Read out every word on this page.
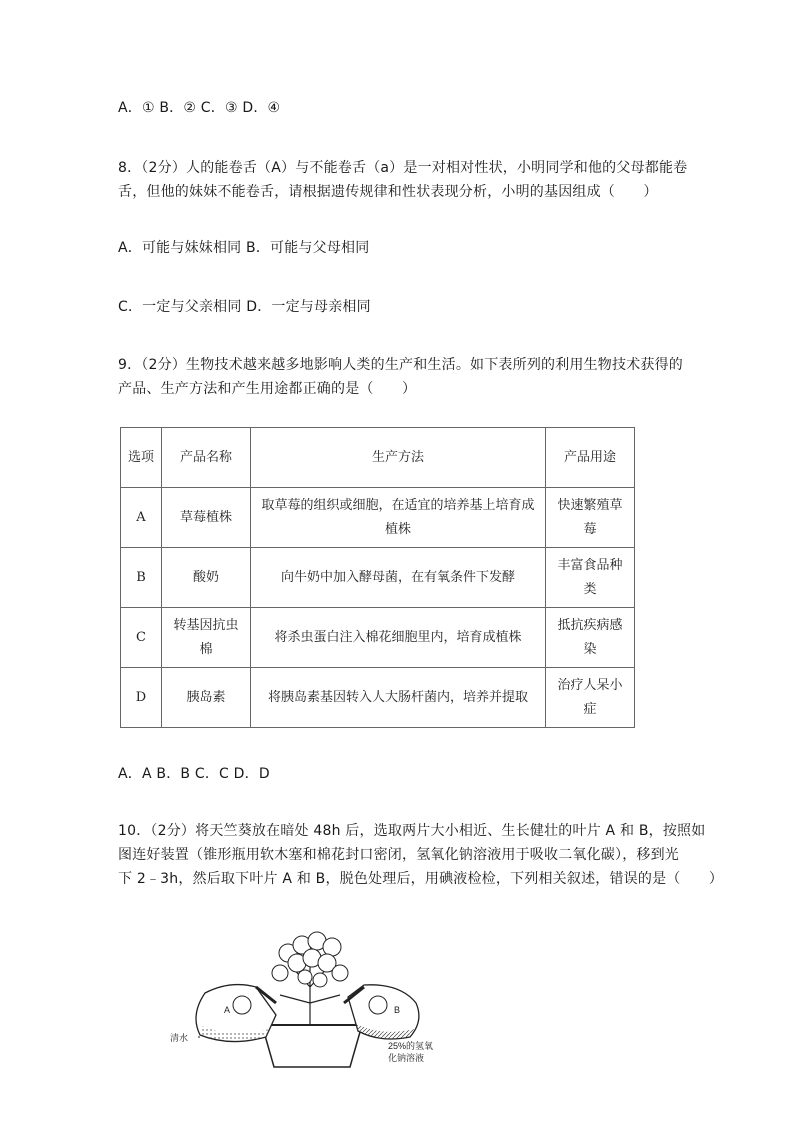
A．① B．② C．③ D．④
8．（2分）人的能卷舌（A）与不能卷舌（a）是一对相对性状，小明同学和他的父母都能卷
舌，但他的妹妹不能卷舌，请根据遗传规律和性状表现分析，小明的基因组成（　　）
A．可能与妹妹相同 B．可能与父母相同
C．一定与父亲相同 D．一定与母亲相同
9．（2分）生物技术越来越多地影响人类的生产和生活。如下表所列的利用生物技术获得的
产品、生产方法和产生用途都正确的是（　　）
选项	产品名称	生产方法	产品用途
A	草莓植株	取草莓的组织或细胞，在适宜的培养基上培育成植株	快速繁殖草莓
B	酸奶	向牛奶中加入酵母菌，在有氧条件下发酵	丰富食品种类
C	转基因抗虫棉	将杀虫蛋白注入棉花细胞里内，培育成植株	抵抗疾病感染
D	胰岛素	将胰岛素基因转入人大肠杆菌内，培养并提取	治疗人呆小症
A．A B．B C．C D．D
10．（2分）将天竺葵放在暗处 48h 后，选取两片大小相近、生长健壮的叶片 A 和 B，按照如
图连好装置（锥形瓶用软木塞和棉花封口密闭，氢氧化钠溶液用于吸收二氧化碳），移到光
下 2﹣3h，然后取下叶片 A 和 B，脱色处理后，用碘液检检，下列相关叙述，错误的是（　　）
A	B
清水
25%的氢氧
化钠溶液
